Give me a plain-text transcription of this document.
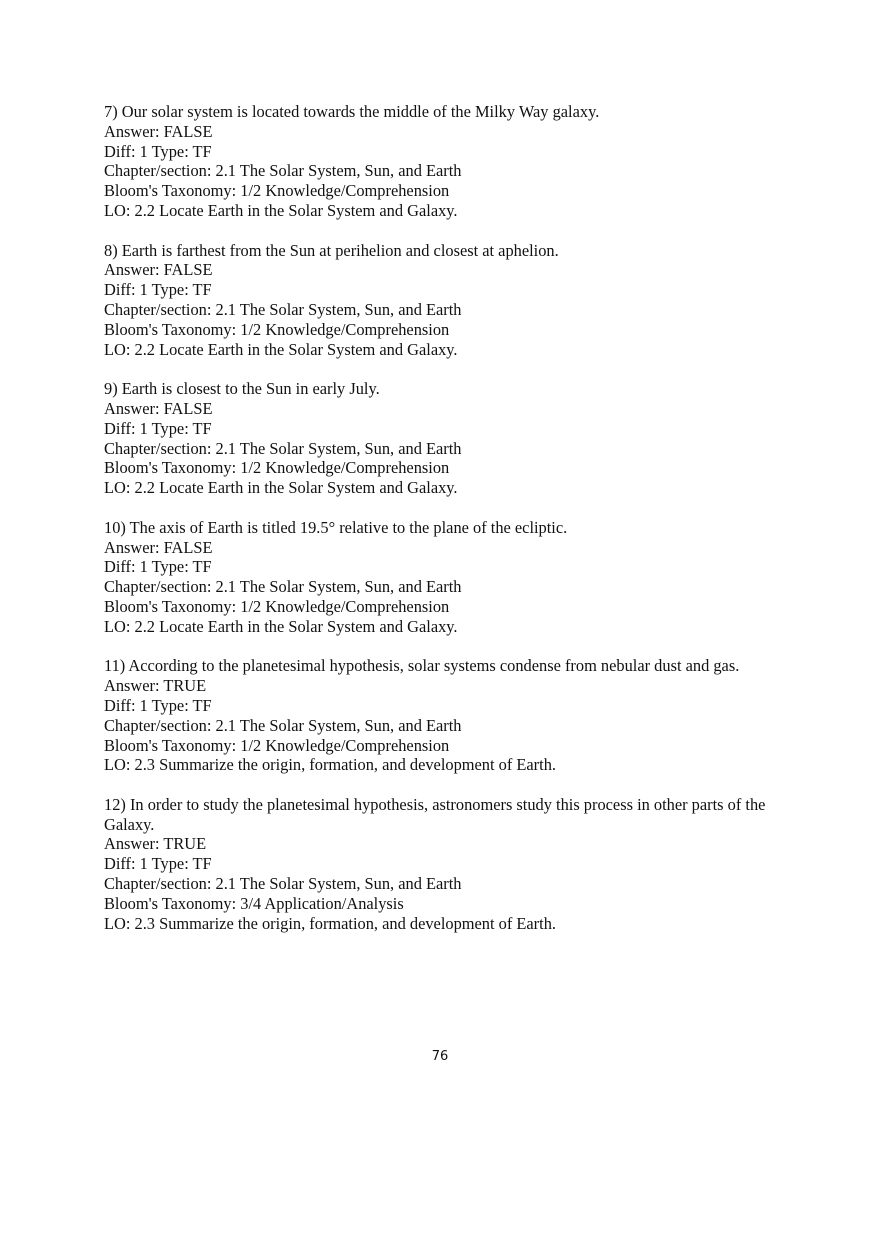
7) Our solar system is located towards the middle of the Milky Way galaxy.
Answer: FALSE
Diff: 1 Type: TF
Chapter/section: 2.1 The Solar System, Sun, and Earth
Bloom's Taxonomy: 1/2 Knowledge/Comprehension
LO: 2.2 Locate Earth in the Solar System and Galaxy.
8) Earth is farthest from the Sun at perihelion and closest at aphelion.
Answer: FALSE
Diff: 1 Type: TF
Chapter/section: 2.1 The Solar System, Sun, and Earth
Bloom's Taxonomy: 1/2 Knowledge/Comprehension
LO: 2.2 Locate Earth in the Solar System and Galaxy.
9) Earth is closest to the Sun in early July.
Answer: FALSE
Diff: 1 Type: TF
Chapter/section: 2.1 The Solar System, Sun, and Earth
Bloom's Taxonomy: 1/2 Knowledge/Comprehension
LO: 2.2 Locate Earth in the Solar System and Galaxy.
10) The axis of Earth is titled 19.5° relative to the plane of the ecliptic.
Answer: FALSE
Diff: 1 Type: TF
Chapter/section: 2.1 The Solar System, Sun, and Earth
Bloom's Taxonomy: 1/2 Knowledge/Comprehension
LO: 2.2 Locate Earth in the Solar System and Galaxy.
11) According to the planetesimal hypothesis, solar systems condense from nebular dust and gas.
Answer: TRUE
Diff: 1 Type: TF
Chapter/section: 2.1 The Solar System, Sun, and Earth
Bloom's Taxonomy: 1/2 Knowledge/Comprehension
LO: 2.3 Summarize the origin, formation, and development of Earth.
12) In order to study the planetesimal hypothesis, astronomers study this process in other parts of the Galaxy.
Answer: TRUE
Diff: 1 Type: TF
Chapter/section: 2.1 The Solar System, Sun, and Earth
Bloom's Taxonomy: 3/4 Application/Analysis
LO: 2.3 Summarize the origin, formation, and development of Earth.
76
